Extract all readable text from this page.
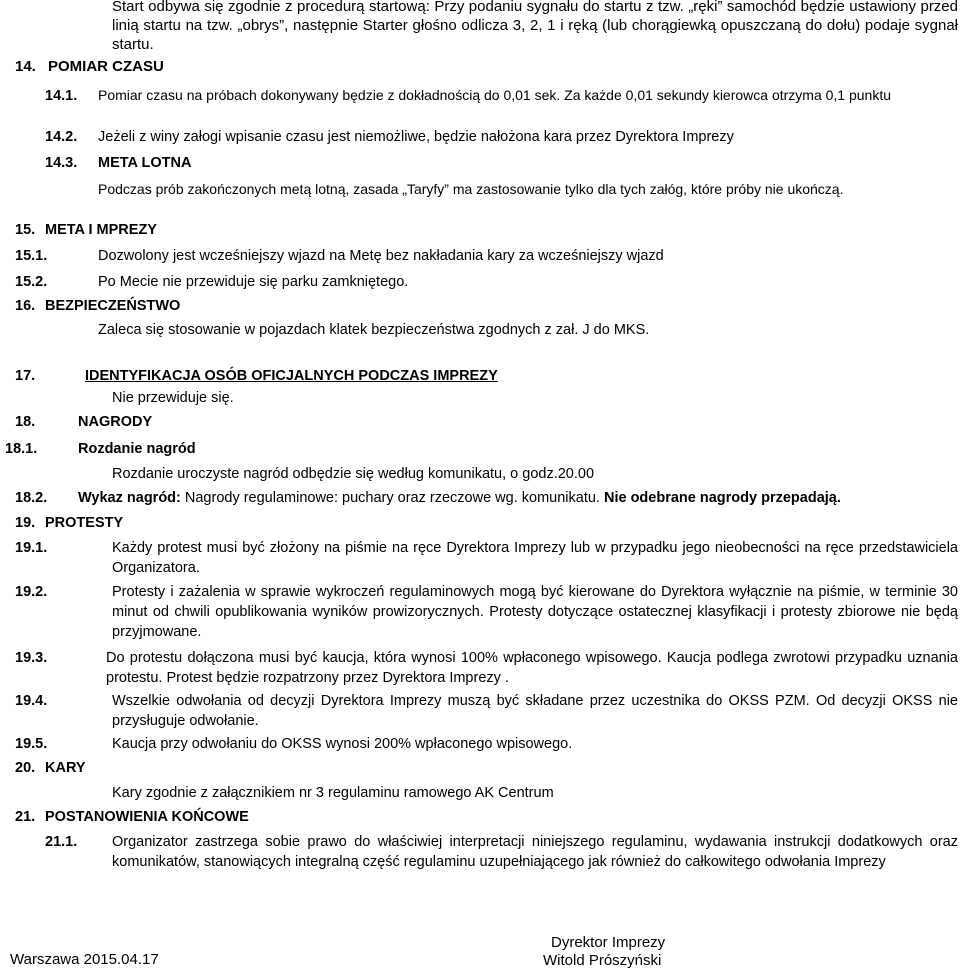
Start odbywa się zgodnie z procedurą startową: Przy podaniu sygnału do startu z tzw. „ręki” samochód będzie ustawiony przed linią startu na tzw. „obrys”, następnie Starter głośno odlicza 3, 2, 1 i ręką (lub chorągiewką opuszczaną do dołu) podaje sygnał startu.
14. POMIAR CZASU
14.1. Pomiar czasu na próbach dokonywany będzie z dokładnością do 0,01 sek. Za każde 0,01 sekundy kierowca otrzyma 0,1 punktu
14.2. Jeżeli z winy załogi wpisanie czasu jest niemożliwe, będzie nałożona kara przez Dyrektora Imprezy
14.3. META LOTNA
Podczas prób zakończonych metą lotną, zasada „Taryfy” ma zastosowanie tylko dla tych załóg, które próby nie ukończą.
15. META I MPREZY
15.1.	Dozwolony jest wcześniejszy wjazd na Metę bez nakładania kary za wcześniejszy wjazd
15.2.	Po Mecie nie przewiduje się parku zamkniętego.
16. BEZPIECZEŃSTWO
Zaleca się stosowanie w pojazdach klatek bezpieczeństwa zgodnych z zał. J do MKS.
17.	IDENTYFIKACJA OSÓB OFICJALNYCH PODCZAS IMPREZY
Nie przewiduje się.
18.	NAGRODY
18.1.	Rozdanie nagród
Rozdanie uroczyste nagród odbędzie się według komunikatu, o godz.20.00
18.2. Wykaz nagród: Nagrody regulaminowe: puchary oraz rzeczowe wg. komunikatu. Nie odebrane nagrody przepadają.
19. PROTESTY
19.1.	Każdy protest musi być złożony na piśmie na ręce Dyrektora Imprezy lub w przypadku jego nieobecności na ręce przedstawiciela Organizatora.
19.2.	Protesty i zażalenia w sprawie wykroczeń regulaminowych mogą być kierowane do Dyrektora wyłącznie na piśmie, w terminie 30 minut od chwili opublikowania wyników prowizorycznych. Protesty dotyczące ostatecznej klasyfikacji i protesty zbiorowe nie będą przyjmowane.
19.3.	Do protestu dołączona musi być kaucja, która wynosi 100% wpłaconego wpisowego. Kaucja podlega zwrotowi przypadku uznania protestu. Protest będzie rozpatrzony przez Dyrektora Imprezy .
19.4.	Wszelkie odwołania od decyzji Dyrektora Imprezy muszą być składane przez uczestnika do OKSS PZM. Od decyzji OKSS nie przysługuje odwołanie.
19.5.	Kaucja przy odwołaniu do OKSS wynosi 200% wpłaconego wpisowego.
20. KARY
Kary zgodnie z załącznikiem nr 3 regulaminu ramowego AK Centrum
21. POSTANOWIENIA KOŃCOWE
21.1. Organizator zastrzega sobie prawo do właściwiej interpretacji niniejszego regulaminu, wydawania instrukcji dodatkowych oraz komunikatów, stanowiących integralną część regulaminu uzupełniającego jak również do całkowitego odwołania Imprezy
Warszawa 2015.04.17
Dyrektor Imprezy
Witold Prószyński
